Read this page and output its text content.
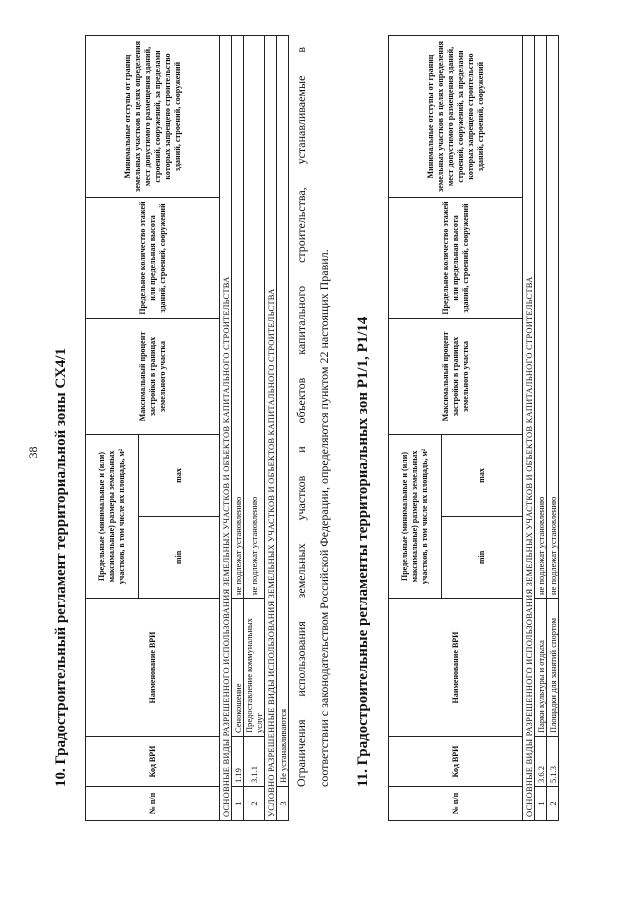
38 10. Градостроительный регламент территориальной зоны СХ4/1
№ п/п	Код ВРИ	Наименование ВРИ	Предельные (минимальные и (или) максимальные) размеры земельных участков, в том числе их площадь, м²		Максимальный процент застройки в границах земельного участка	Предельное количество этажей или предельная высота зданий, строений, сооружений	Минимальные отступы от границ земельных участков в целях определения мест допустимого размещения зданий, строений, сооружений, за пределами которых запрещено строительство зданий, строений, сооружений
			min	max			
ОСНОВНЫЕ ВИДЫ РАЗРЕШЕННОГО ИСПОЛЬЗОВАНИЯ ЗЕМЕЛЬНЫХ УЧАСТКОВ И ОБЪЕКТОВ КАПИТАЛЬНОГО СТРОИТЕЛЬСТВА							
1	1.19	Сенокошение	не подлежат установлению				
2	3.1.1	Предоставление коммунальных услуг	не подлежат установлению				
УСЛОВНО РАЗРЕШЕННЫЕ ВИДЫ ИСПОЛЬЗОВАНИЯ ЗЕМЕЛЬНЫХ УЧАСТКОВ И ОБЪЕКТОВ КАПИТАЛЬНОГО СТРОИТЕЛЬСТВА							
3	Не устанавливаются						Ограничения использования земельных участков и объектов капитального строительства, устанавливаемые в соответствии с законодательством Российской Федерации, определяются пунктом 22 настоящих Правил. 11. Градостроительные регламенты территориальных зон Р1/1, Р1/14
№ п/п	Код ВРИ	Наименование ВРИ	Предельные (минимальные и (или) максимальные) размеры земельных участков, в том числе их площадь, м²		Максимальный процент застройки в границах земельного участка	Предельное количество этажей или предельная высота зданий, строений, сооружений	Минимальные отступы от границ земельных участков в целях определения мест допустимого размещения зданий, строений, сооружений, за пределами которых запрещено строительство зданий, строений, сооружений
			min	max			
ОСНОВНЫЕ ВИДЫ РАЗРЕШЕННОГО ИСПОЛЬЗОВАНИЯ ЗЕМЕЛЬНЫХ УЧАСТКОВ И ОБЪЕКТОВ КАПИТАЛЬНОГО СТРОИТЕЛЬСТВА							
1	3.6.2	Парки культуры и отдыха	не подлежат установлению				
2	5.1.3	Площадки для занятий спортом	не подлежат установлению				
